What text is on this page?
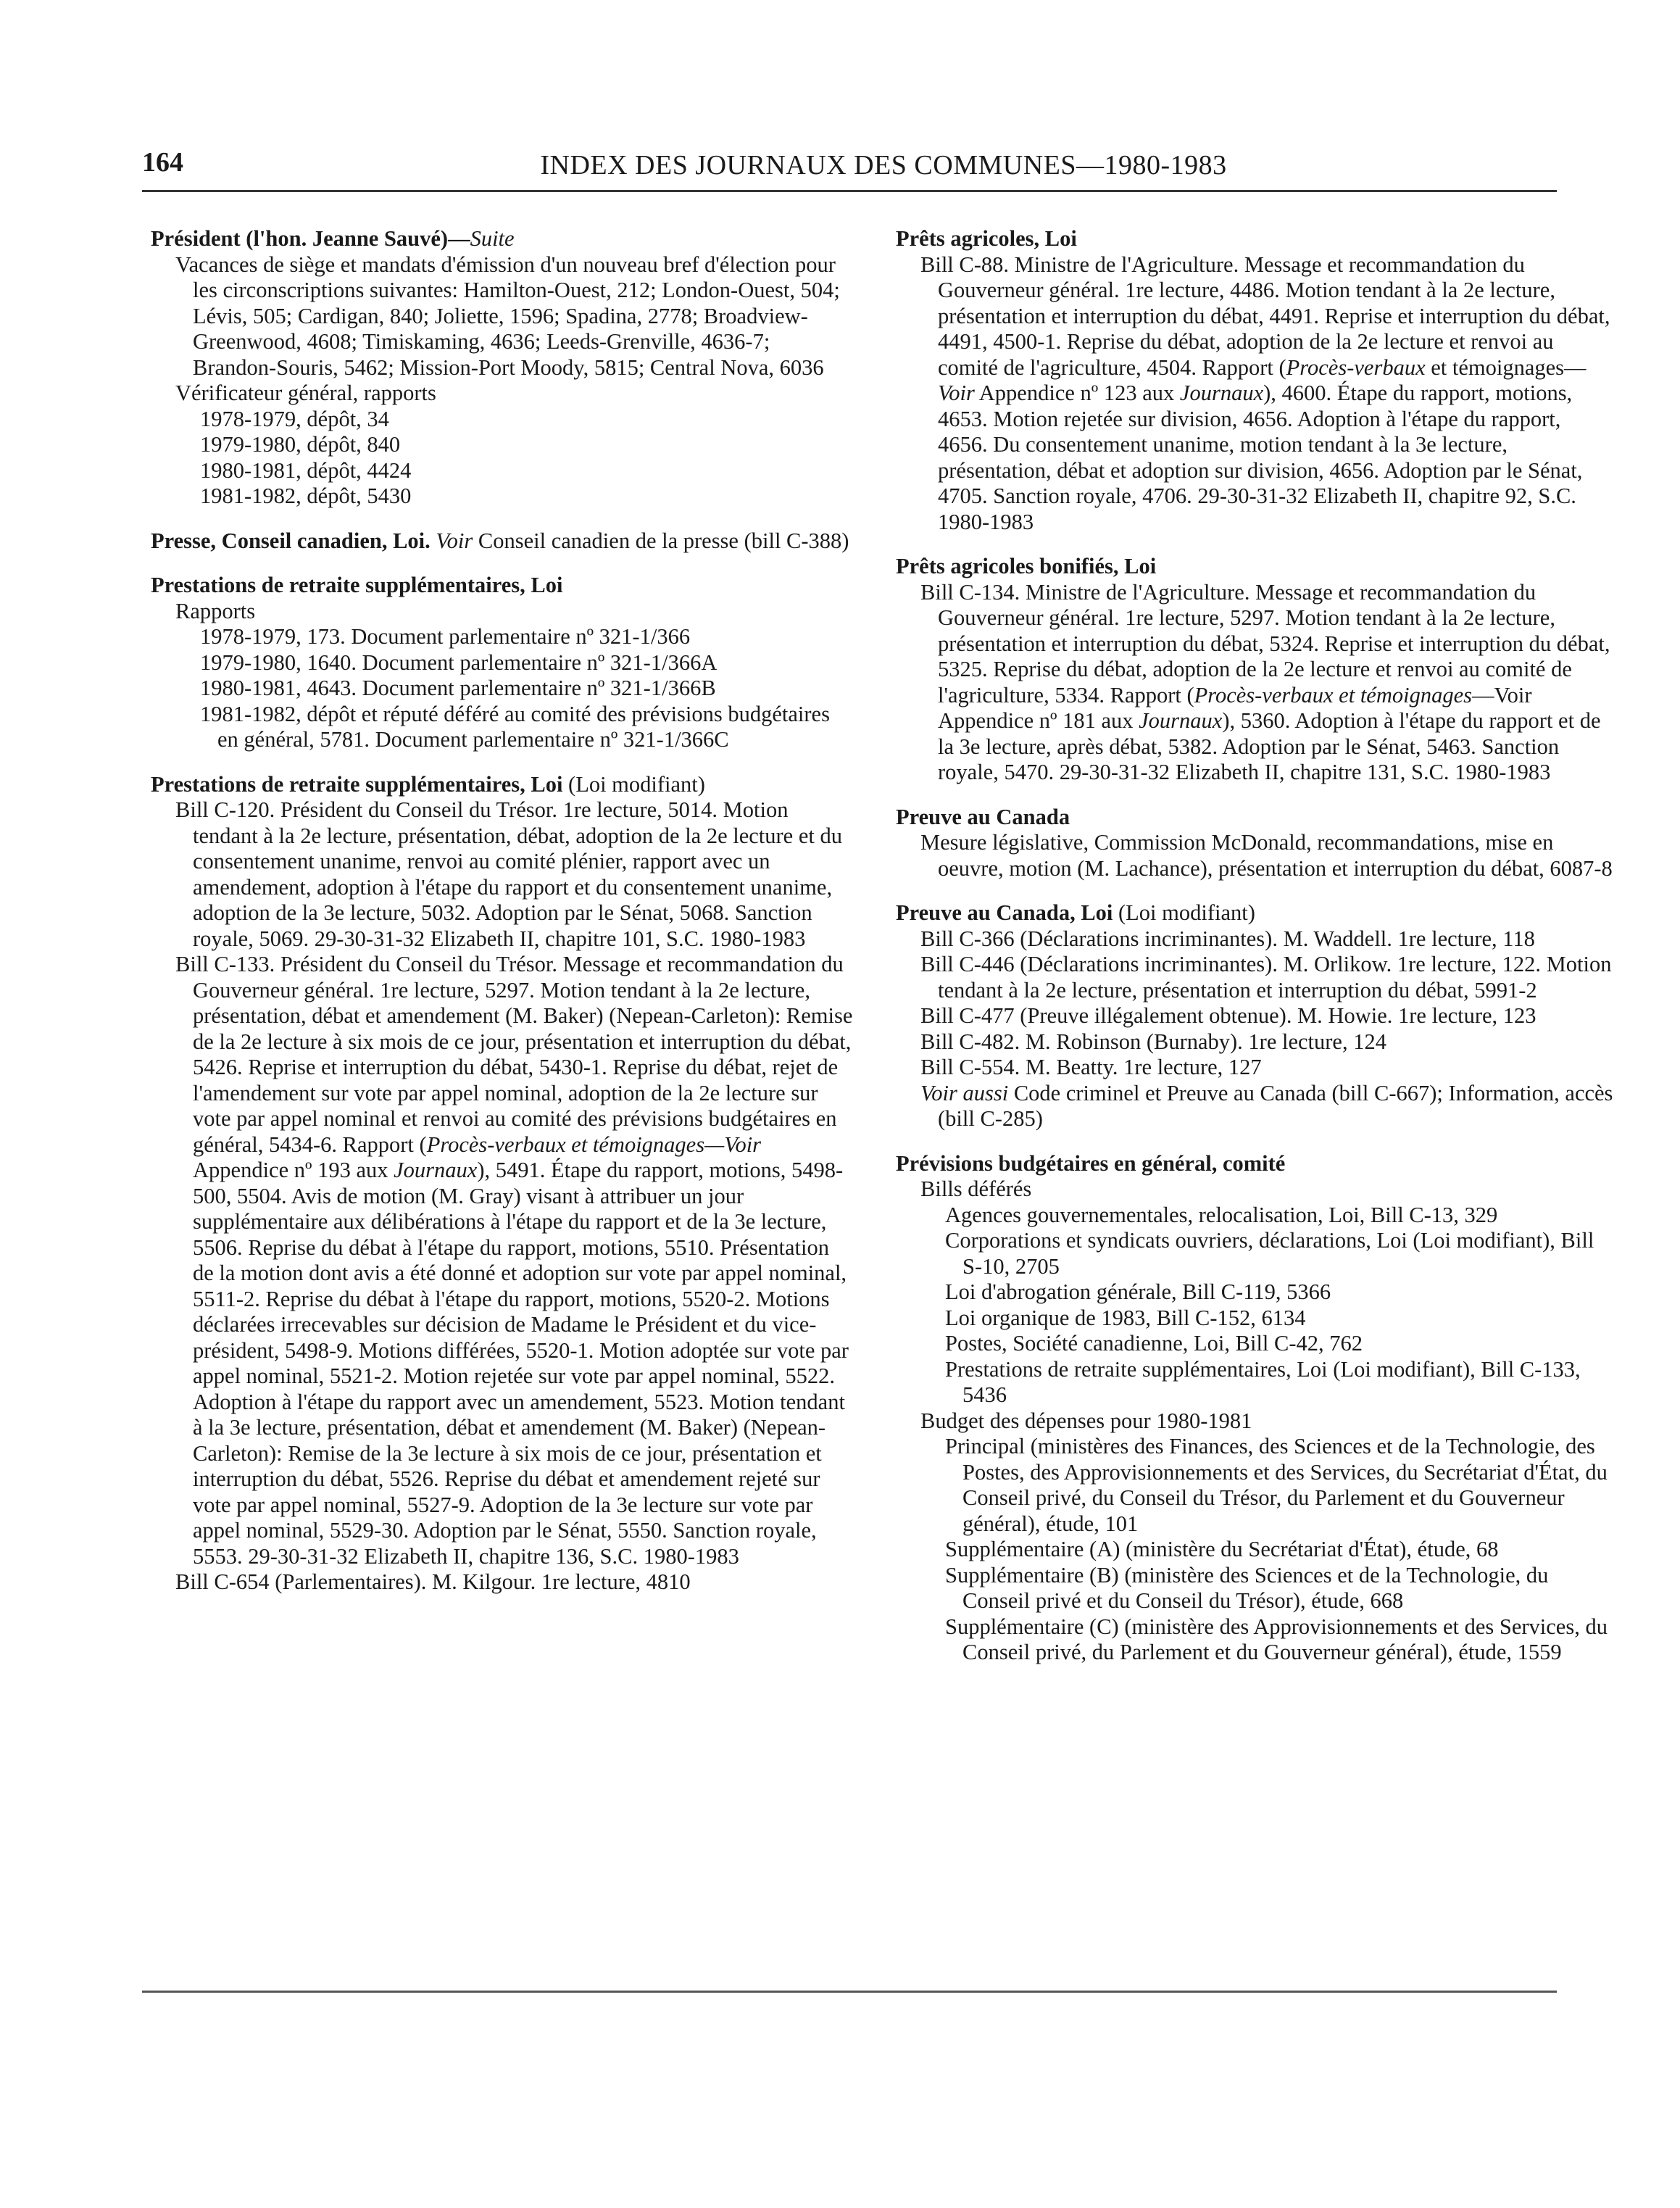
164	INDEX DES JOURNAUX DES COMMUNES—1980-1983
Président (l'hon. Jeanne Sauvé)—Suite
Vacances de siège et mandats d'émission d'un nouveau bref d'élection pour les circonscriptions suivantes: Hamilton-Ouest, 212; London-Ouest, 504; Lévis, 505; Cardigan, 840; Joliette, 1596; Spadina, 2778; Broadview-Greenwood, 4608; Timiskaming, 4636; Leeds-Grenville, 4636-7; Brandon-Souris, 5462; Mission-Port Moody, 5815; Central Nova, 6036
Vérificateur général, rapports
1978-1979, dépôt, 34
1979-1980, dépôt, 840
1980-1981, dépôt, 4424
1981-1982, dépôt, 5430
Presse, Conseil canadien, Loi. Voir Conseil canadien de la presse (bill C-388)
Prestations de retraite supplémentaires, Loi
Rapports
1978-1979, 173. Document parlementaire nº 321-1/366
1979-1980, 1640. Document parlementaire nº 321-1/366A
1980-1981, 4643. Document parlementaire nº 321-1/366B
1981-1982, dépôt et réputé déféré au comité des prévisions budgétaires en général, 5781. Document parlementaire nº 321-1/366C
Prestations de retraite supplémentaires, Loi (Loi modifiant)
Bill C-120. Président du Conseil du Trésor. 1re lecture, 5014. Motion tendant à la 2e lecture, présentation, débat, adoption de la 2e lecture et du consentement unanime, renvoi au comité plénier, rapport avec un amendement, adoption à l'étape du rapport et du consentement unanime, adoption de la 3e lecture, 5032. Adoption par le Sénat, 5068. Sanction royale, 5069. 29-30-31-32 Elizabeth II, chapitre 101, S.C. 1980-1983
Bill C-133. Président du Conseil du Trésor. Message et recommandation du Gouverneur général. 1re lecture, 5297. Motion tendant à la 2e lecture, présentation, débat et amendement (M. Baker) (Nepean-Carleton): Remise de la 2e lecture à six mois de ce jour, présentation et interruption du débat, 5426. Reprise et interruption du débat, 5430-1. Reprise du débat, rejet de l'amendement sur vote par appel nominal, adoption de la 2e lecture sur vote par appel nominal et renvoi au comité des prévisions budgétaires en général, 5434-6. Rapport (Procès-verbaux et témoignages—Voir Appendice nº 193 aux Journaux), 5491. Étape du rapport, motions, 5498-500, 5504. Avis de motion (M. Gray) visant à attribuer un jour supplémentaire aux délibérations à l'étape du rapport et de la 3e lecture, 5506. Reprise du débat à l'étape du rapport, motions, 5510. Présentation de la motion dont avis a été donné et adoption sur vote par appel nominal, 5511-2. Reprise du débat à l'étape du rapport, motions, 5520-2. Motions déclarées irrecevables sur décision de Madame le Président et du vice-président, 5498-9. Motions différées, 5520-1. Motion adoptée sur vote par appel nominal, 5521-2. Motion rejetée sur vote par appel nominal, 5522. Adoption à l'étape du rapport avec un amendement, 5523. Motion tendant à la 3e lecture, présentation, débat et amendement (M. Baker) (Nepean-Carleton): Remise de la 3e lecture à six mois de ce jour, présentation et interruption du débat, 5526. Reprise du débat et amendement rejeté sur vote par appel nominal, 5527-9. Adoption de la 3e lecture sur vote par appel nominal, 5529-30. Adoption par le Sénat, 5550. Sanction royale, 5553. 29-30-31-32 Elizabeth II, chapitre 136, S.C. 1980-1983
Bill C-654 (Parlementaires). M. Kilgour. 1re lecture, 4810
Prêts agricoles, Loi
Bill C-88. Ministre de l'Agriculture. Message et recommandation du Gouverneur général. 1re lecture, 4486. Motion tendant à la 2e lecture, présentation et interruption du débat, 4491. Reprise et interruption du débat, 4491, 4500-1. Reprise du débat, adoption de la 2e lecture et renvoi au comité de l'agriculture, 4504. Rapport (Procès-verbaux et témoignages—Voir Appendice nº 123 aux Journaux), 4600. Étape du rapport, motions, 4653. Motion rejetée sur division, 4656. Adoption à l'étape du rapport, 4656. Du consentement unanime, motion tendant à la 3e lecture, présentation, débat et adoption sur division, 4656. Adoption par le Sénat, 4705. Sanction royale, 4706. 29-30-31-32 Elizabeth II, chapitre 92, S.C. 1980-1983
Prêts agricoles bonifiés, Loi
Bill C-134. Ministre de l'Agriculture. Message et recommandation du Gouverneur général. 1re lecture, 5297. Motion tendant à la 2e lecture, présentation et interruption du débat, 5324. Reprise et interruption du débat, 5325. Reprise du débat, adoption de la 2e lecture et renvoi au comité de l'agriculture, 5334. Rapport (Procès-verbaux et témoignages—Voir Appendice nº 181 aux Journaux), 5360. Adoption à l'étape du rapport et de la 3e lecture, après débat, 5382. Adoption par le Sénat, 5463. Sanction royale, 5470. 29-30-31-32 Elizabeth II, chapitre 131, S.C. 1980-1983
Preuve au Canada
Mesure législative, Commission McDonald, recommandations, mise en oeuvre, motion (M. Lachance), présentation et interruption du débat, 6087-8
Preuve au Canada, Loi (Loi modifiant)
Bill C-366 (Déclarations incriminantes). M. Waddell. 1re lecture, 118
Bill C-446 (Déclarations incriminantes). M. Orlikow. 1re lecture, 122. Motion tendant à la 2e lecture, présentation et interruption du débat, 5991-2
Bill C-477 (Preuve illégalement obtenue). M. Howie. 1re lecture, 123
Bill C-482. M. Robinson (Burnaby). 1re lecture, 124
Bill C-554. M. Beatty. 1re lecture, 127
Voir aussi Code criminel et Preuve au Canada (bill C-667); Information, accès (bill C-285)
Prévisions budgétaires en général, comité
Bills déférés
Agences gouvernementales, relocalisation, Loi, Bill C-13, 329
Corporations et syndicats ouvriers, déclarations, Loi (Loi modifiant), Bill S-10, 2705
Loi d'abrogation générale, Bill C-119, 5366
Loi organique de 1983, Bill C-152, 6134
Postes, Société canadienne, Loi, Bill C-42, 762
Prestations de retraite supplémentaires, Loi (Loi modifiant), Bill C-133, 5436
Budget des dépenses pour 1980-1981
Principal (ministères des Finances, des Sciences et de la Technologie, des Postes, des Approvisionnements et des Services, du Secrétariat d'État, du Conseil privé, du Conseil du Trésor, du Parlement et du Gouverneur général), étude, 101
Supplémentaire (A) (ministère du Secrétariat d'État), étude, 68
Supplémentaire (B) (ministère des Sciences et de la Technologie, du Conseil privé et du Conseil du Trésor), étude, 668
Supplémentaire (C) (ministère des Approvisionnements et des Services, du Conseil privé, du Parlement et du Gouverneur général), étude, 1559
